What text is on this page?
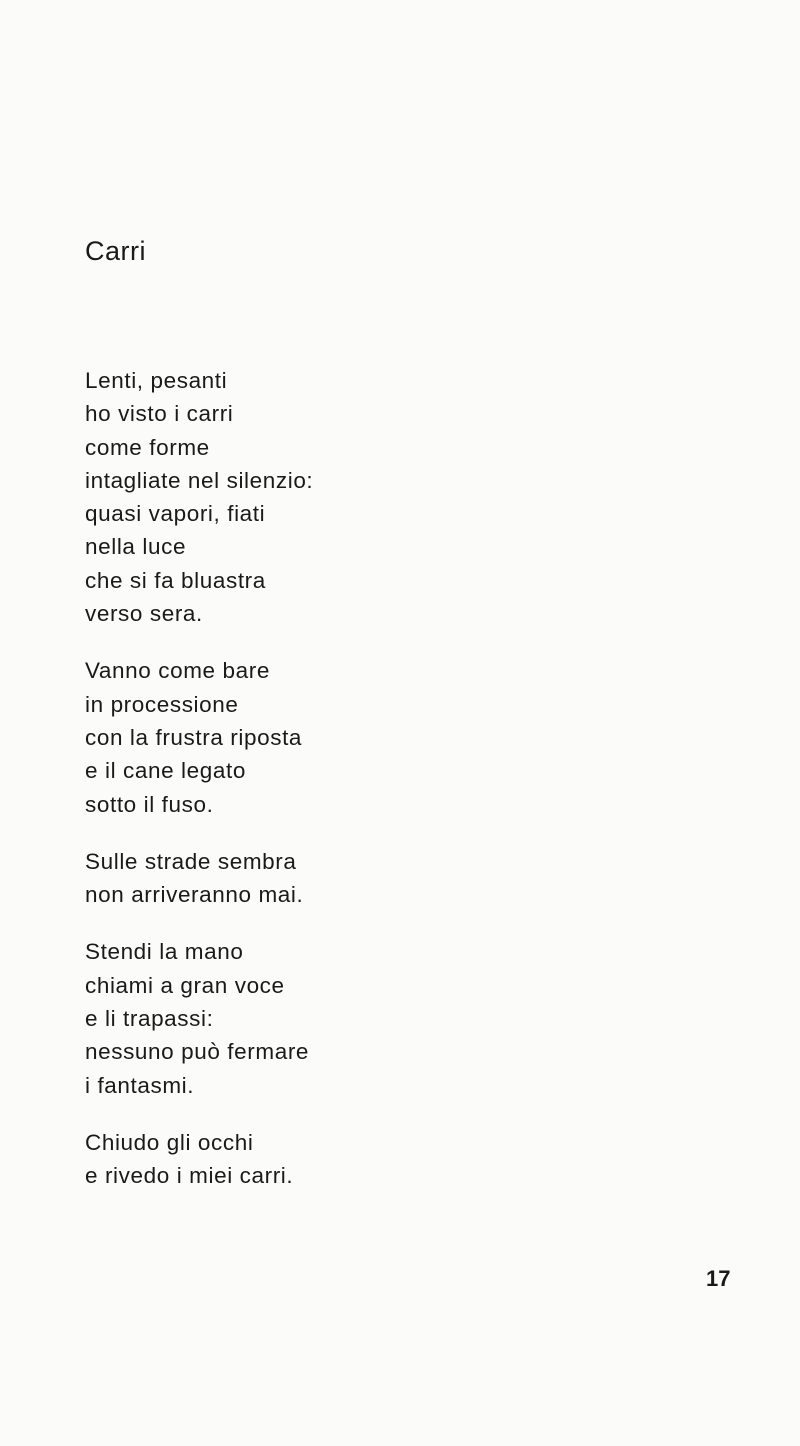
Carri
Lenti, pesanti
ho visto i carri
come forme
intagliate nel silenzio:
quasi vapori, fiati
nella luce
che si fa bluastra
verso sera.
Vanno come bare
in processione
con la frustra riposta
e il cane legato
sotto il fuso.
Sulle strade sembra
non arriveranno mai.
Stendi la mano
chiami a gran voce
e li trapassi:
nessuno può fermare
i fantasmi.
Chiudo gli occhi
e rivedo i miei carri.
17
